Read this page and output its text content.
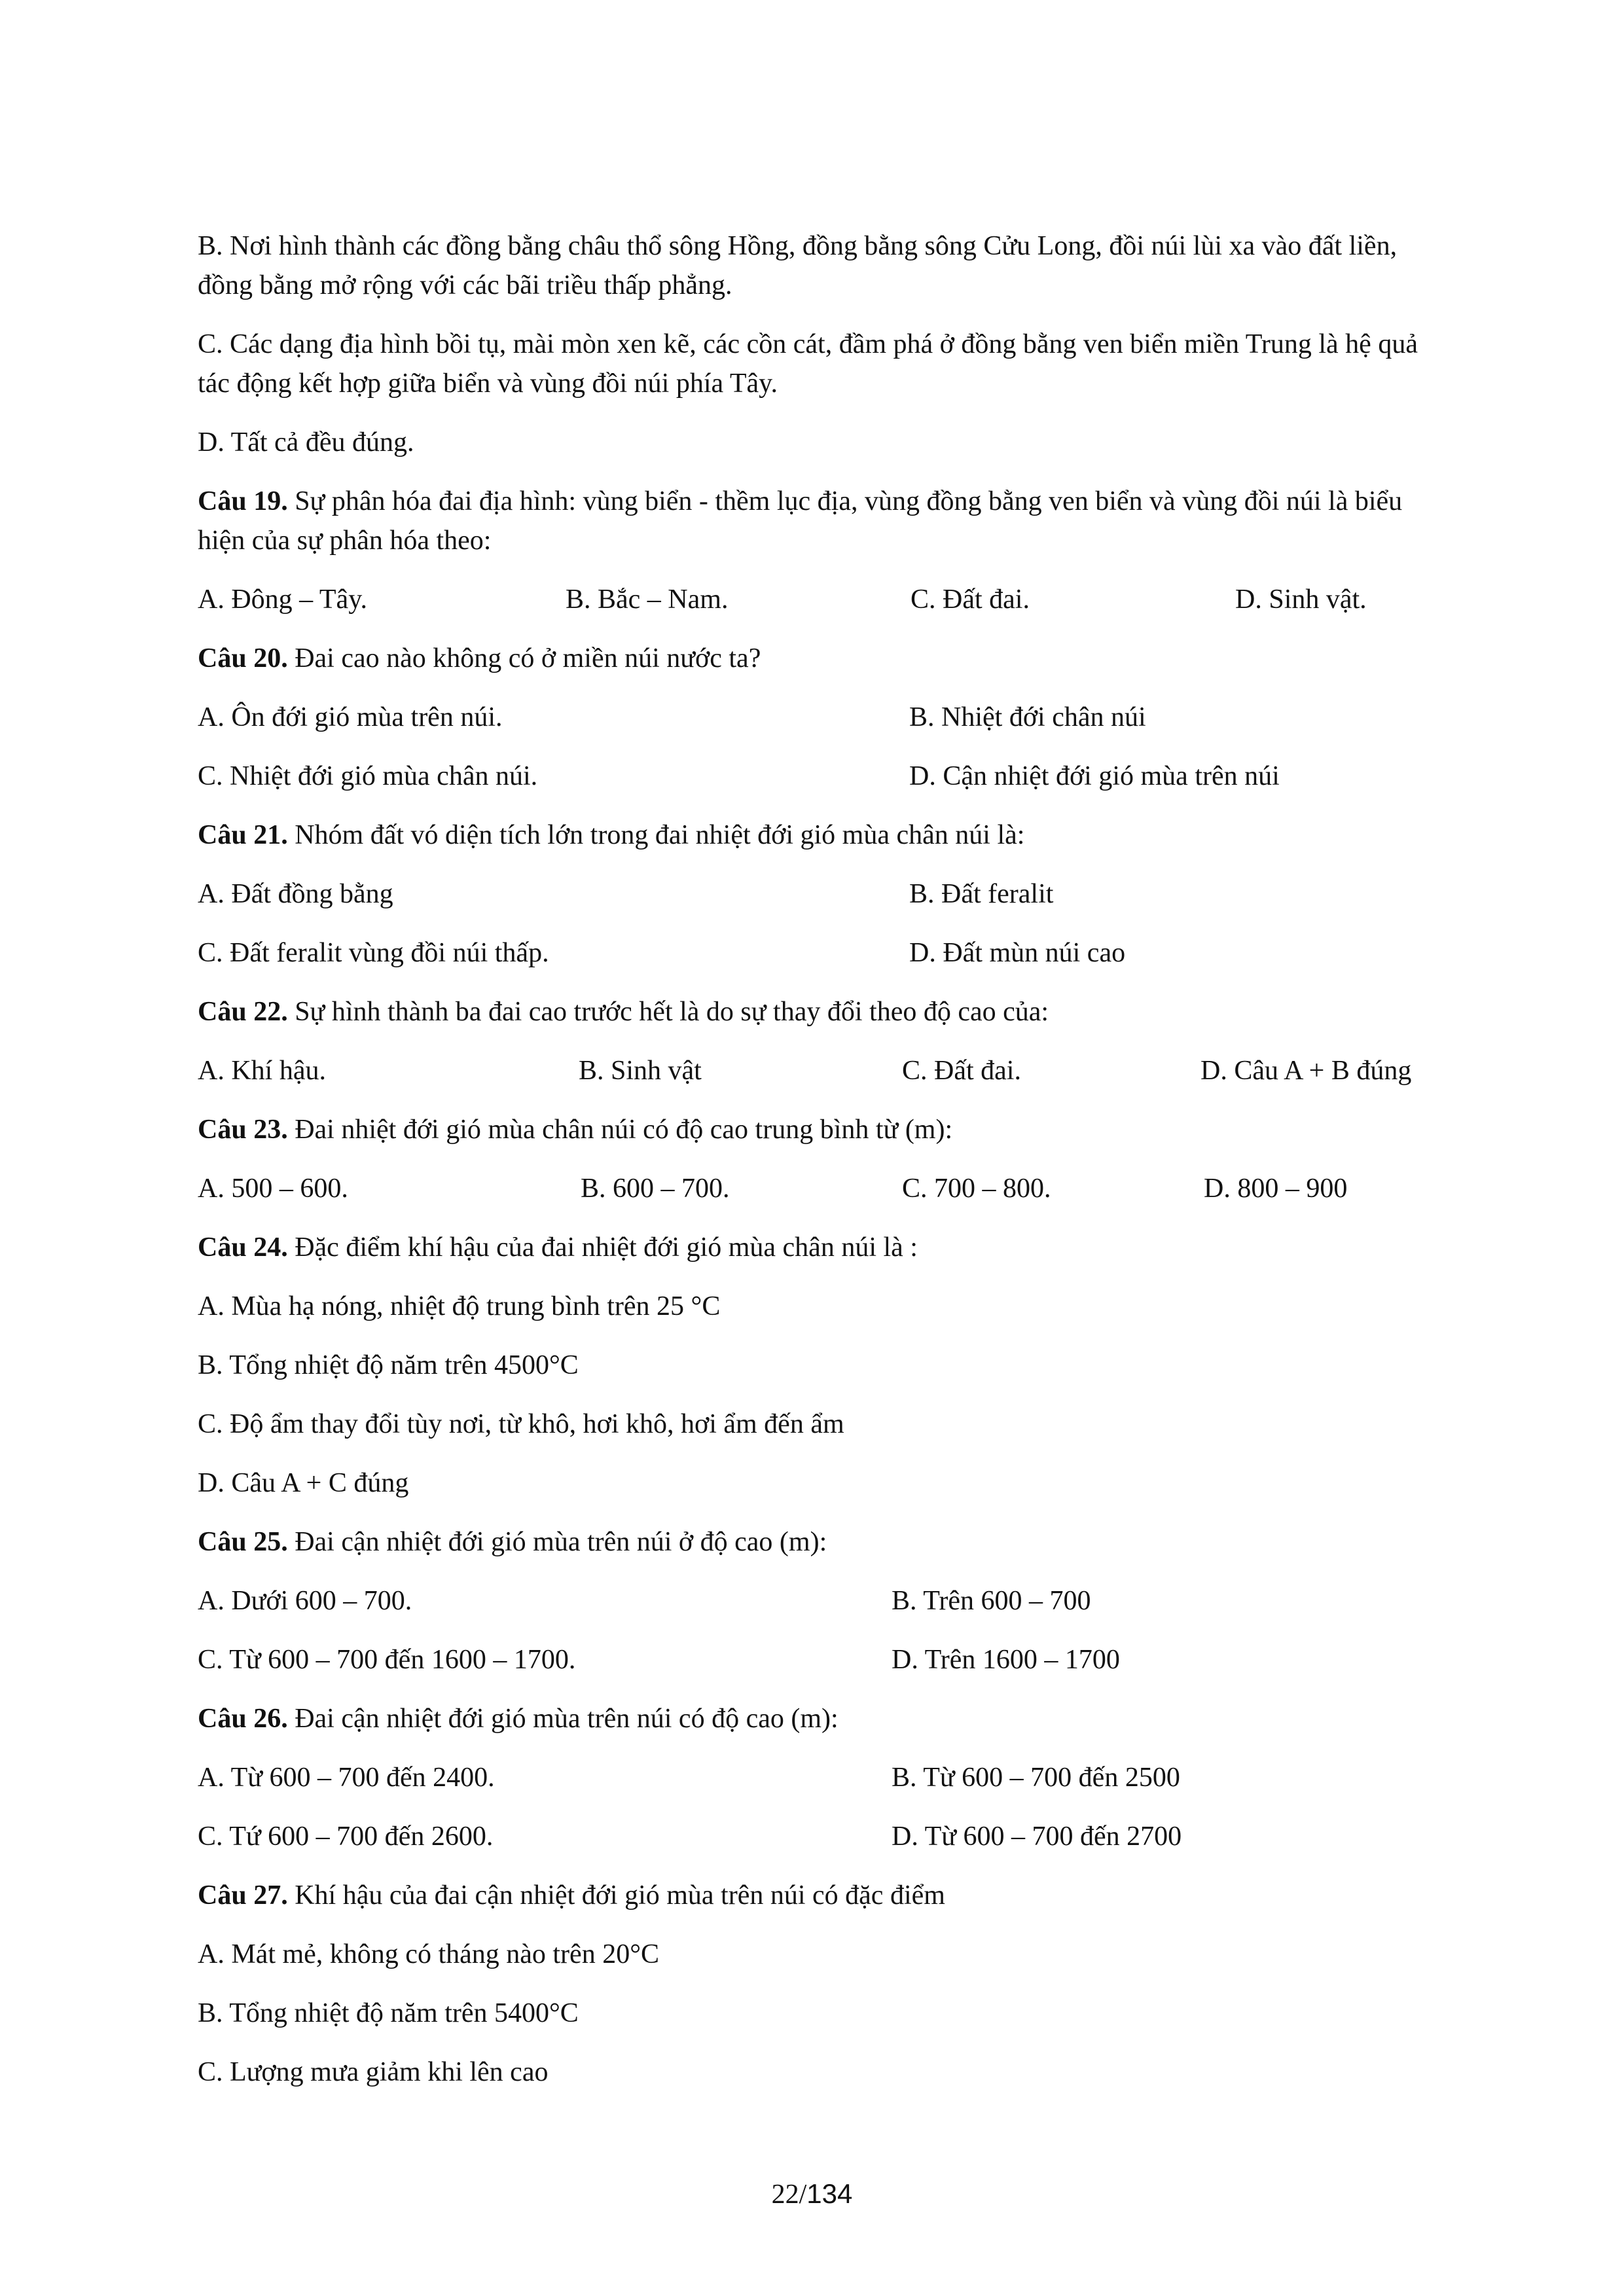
B. Nơi hình thành các đồng bằng châu thổ sông Hồng, đồng bằng sông Cửu Long, đồi núi lùi xa vào đất liền, đồng bằng mở rộng với các bãi triều thấp phẳng.

C. Các dạng địa hình bồi tụ, mài mòn xen kẽ, các cồn cát, đầm phá ở đồng bằng ven biển miền Trung là hệ quả tác động kết hợp giữa biển và vùng đồi núi phía Tây.

D. Tất cả đều đúng.

Câu 19. Sự phân hóa đai địa hình: vùng biển - thềm lục địa, vùng đồng bằng ven biển và vùng đồi núi là biểu hiện của sự phân hóa theo:

A. Đông – Tây.	B. Bắc – Nam.	C. Đất đai.	D. Sinh vật.

Câu 20. Đai cao nào không có ở miền núi nước ta?

A. Ôn đới gió mùa trên núi.	B. Nhiệt đới chân núi
C. Nhiệt đới gió mùa chân núi.	D. Cận nhiệt đới gió mùa trên núi

Câu 21. Nhóm đất vó diện tích lớn trong đai nhiệt đới gió mùa chân núi là:

A. Đất đồng bằng	B. Đất feralit
C. Đất feralit vùng đồi núi thấp.	D. Đất mùn núi cao

Câu 22. Sự hình thành ba đai cao trước hết là do sự thay đổi theo độ cao của:

A. Khí hậu.	B. Sinh vật	C. Đất đai.	D. Câu A + B đúng

Câu 23. Đai nhiệt đới gió mùa chân núi có độ cao trung bình từ (m):

A. 500 – 600.	B. 600 – 700.	C. 700 – 800.	D. 800 – 900

Câu 24. Đặc điểm khí hậu của đai nhiệt đới gió mùa chân núi là :

A. Mùa hạ nóng, nhiệt độ trung bình trên 25 °C

B. Tổng nhiệt độ năm trên 4500°C

C. Độ ẩm thay đổi tùy nơi, từ khô, hơi khô, hơi ẩm đến ẩm

D. Câu A + C đúng

Câu 25. Đai cận nhiệt đới gió mùa trên núi ở độ cao (m):

A. Dưới 600 – 700.	B. Trên 600 – 700
C. Từ 600 – 700 đến 1600 – 1700.	D. Trên 1600 – 1700

Câu 26. Đai cận nhiệt đới gió mùa trên núi có độ cao (m):

A. Từ 600 – 700 đến 2400.	B. Từ 600 – 700 đến 2500
C. Tứ 600 – 700 đến 2600.	D. Từ 600 – 700 đến 2700

Câu 27. Khí hậu của đai cận nhiệt đới gió mùa trên núi có đặc điểm

A. Mát mẻ, không có tháng nào trên 20°C

B. Tổng nhiệt độ năm trên 5400°C

C. Lượng mưa giảm khi lên cao

22/134
